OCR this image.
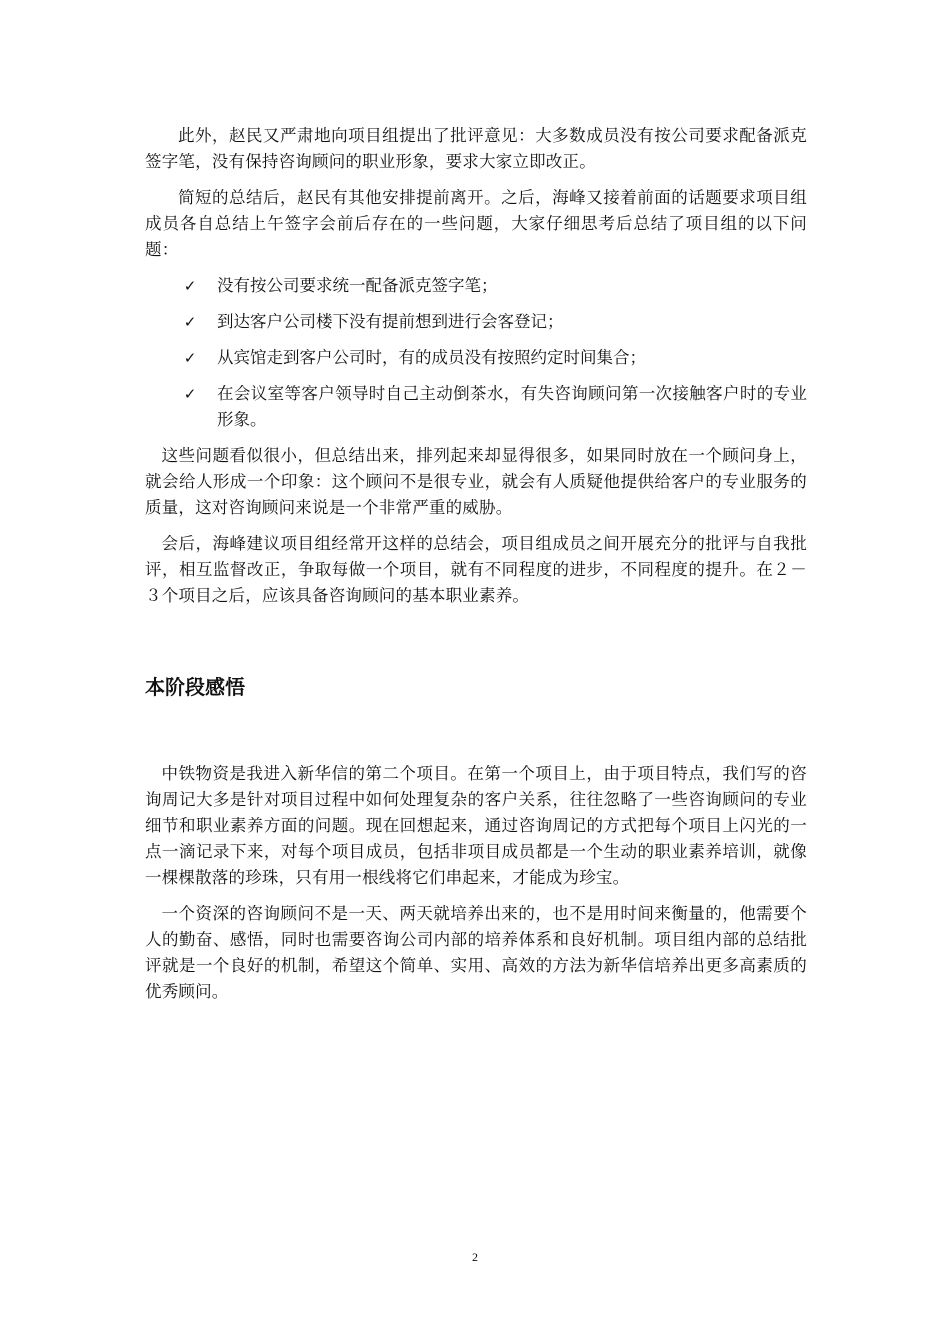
此外，赵民又严肃地向项目组提出了批评意见：大多数成员没有按公司要求配备派克签字笔，没有保持咨询顾问的职业形象，要求大家立即改正。

简短的总结后，赵民有其他安排提前离开。之后，海峰又接着前面的话题要求项目组成员各自总结上午签字会前后存在的一些问题，大家仔细思考后总结了项目组的以下问题：

✓ 没有按公司要求统一配备派克签字笔；
✓ 到达客户公司楼下没有提前想到进行会客登记；
✓ 从宾馆走到客户公司时，有的成员没有按照约定时间集合；
✓ 在会议室等客户领导时自己主动倒茶水，有失咨询顾问第一次接触客户时的专业形象。

这些问题看似很小，但总结出来，排列起来却显得很多，如果同时放在一个顾问身上，就会给人形成一个印象：这个顾问不是很专业，就会有人质疑他提供给客户的专业服务的质量，这对咨询顾问来说是一个非常严重的威胁。

会后，海峰建议项目组经常开这样的总结会，项目组成员之间开展充分的批评与自我批评，相互监督改正，争取每做一个项目，就有不同程度的进步，不同程度的提升。在２－３个项目之后，应该具备咨询顾问的基本职业素养。

本阶段感悟

中铁物资是我进入新华信的第二个项目。在第一个项目上，由于项目特点，我们写的咨询周记大多是针对项目过程中如何处理复杂的客户关系，往往忽略了一些咨询顾问的专业细节和职业素养方面的问题。现在回想起来，通过咨询周记的方式把每个项目上闪光的一点一滴记录下来，对每个项目成员，包括非项目成员都是一个生动的职业素养培训，就像一棵棵散落的珍珠，只有用一根线将它们串起来，才能成为珍宝。

一个资深的咨询顾问不是一天、两天就培养出来的，也不是用时间来衡量的，他需要个人的勤奋、感悟，同时也需要咨询公司内部的培养体系和良好机制。项目组内部的总结批评就是一个良好的机制，希望这个简单、实用、高效的方法为新华信培养出更多高素质的优秀顾问。

2
